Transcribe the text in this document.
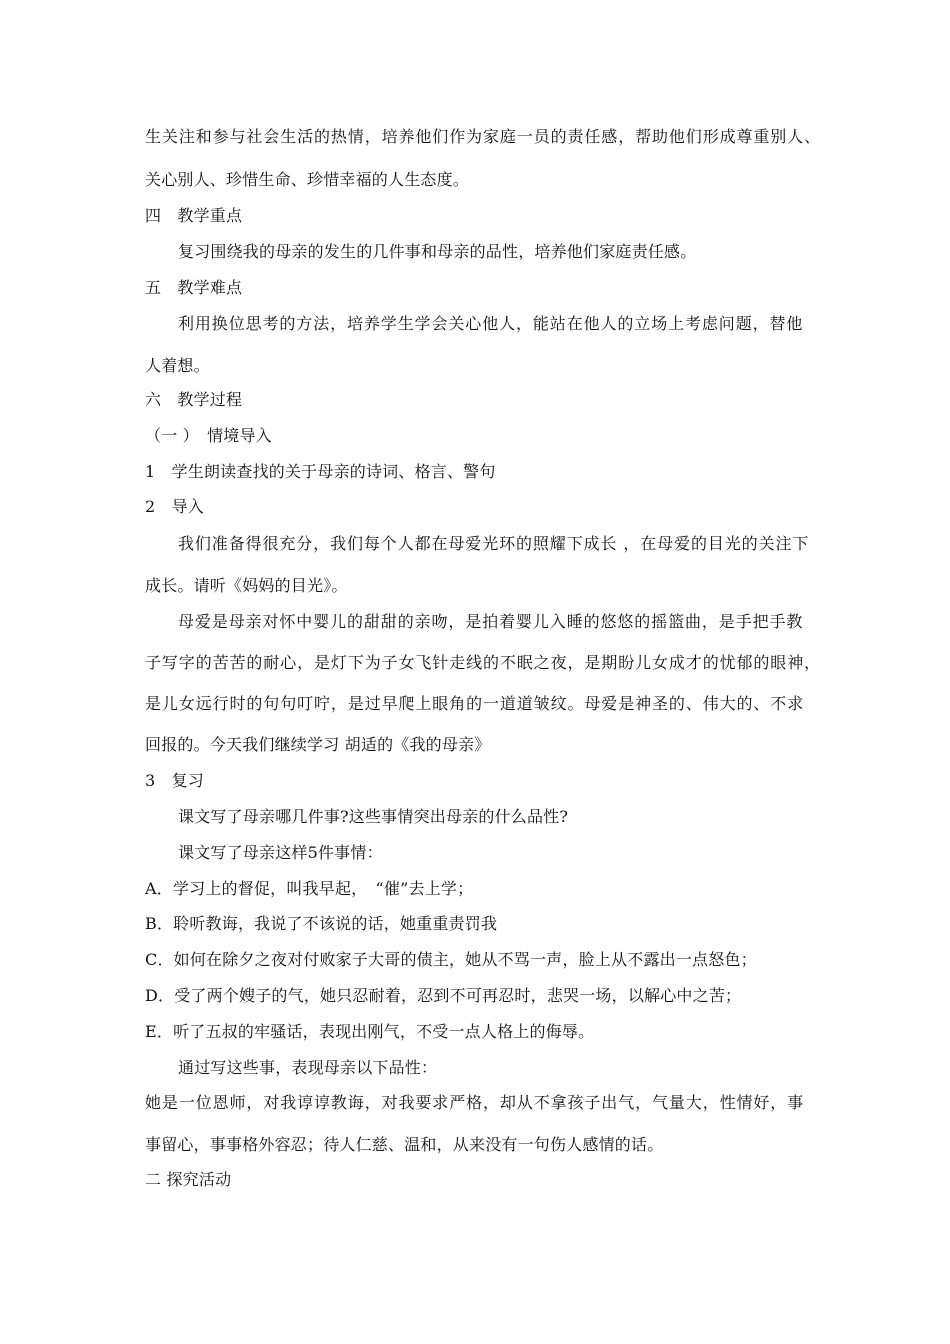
生关注和参与社会生活的热情，培养他们作为家庭一员的责任感，帮助他们形成尊重别人、
关心别人、珍惜生命、珍惜幸福的人生态度。
四　教学重点
复习围绕我的母亲的发生的几件事和母亲的品性，培养他们家庭责任感。
五　教学难点
利用换位思考的方法，培养学生学会关心他人，能站在他人的立场上考虑问题，替他
人着想。
六　教学过程
（一 ）　情境导入
1　学生朗读查找的关于母亲的诗词、格言、警句
2　导入
我们准备得很充分，我们每个人都在母爱光环的照耀下成长 ，在母爱的目光的关注下
成长。请听《妈妈的目光》。
母爱是母亲对怀中婴儿的甜甜的亲吻，是拍着婴儿入睡的悠悠的摇篮曲，是手把手教
子写字的苦苦的耐心，是灯下为子女飞针走线的不眠之夜，是期盼儿女成才的忧郁的眼神，
是儿女远行时的句句叮咛，是过早爬上眼角的一道道皱纹。母爱是神圣的、伟大的、不求
回报的。今天我们继续学习 胡适的《我的母亲》
3　复习
课文写了母亲哪几件事?这些事情突出母亲的什么品性?
课文写了母亲这样5件事情：
A．学习上的督促，叫我早起，　“催”去上学；
B．聆听教诲，我说了不该说的话，她重重责罚我
C．如何在除夕之夜对付败家子大哥的债主，她从不骂一声，脸上从不露出一点怒色；
D．受了两个嫂子的气，她只忍耐着，忍到不可再忍时，悲哭一场，以解心中之苦；
E．听了五叔的牢骚话，表现出刚气，不受一点人格上的侮辱。
通过写这些事，表现母亲以下品性：
她是一位恩师，对我谆谆教诲，对我要求严格，却从不拿孩子出气，气量大，性情好，事
事留心，事事格外容忍；待人仁慈、温和，从来没有一句伤人感情的话。
二 探究活动
